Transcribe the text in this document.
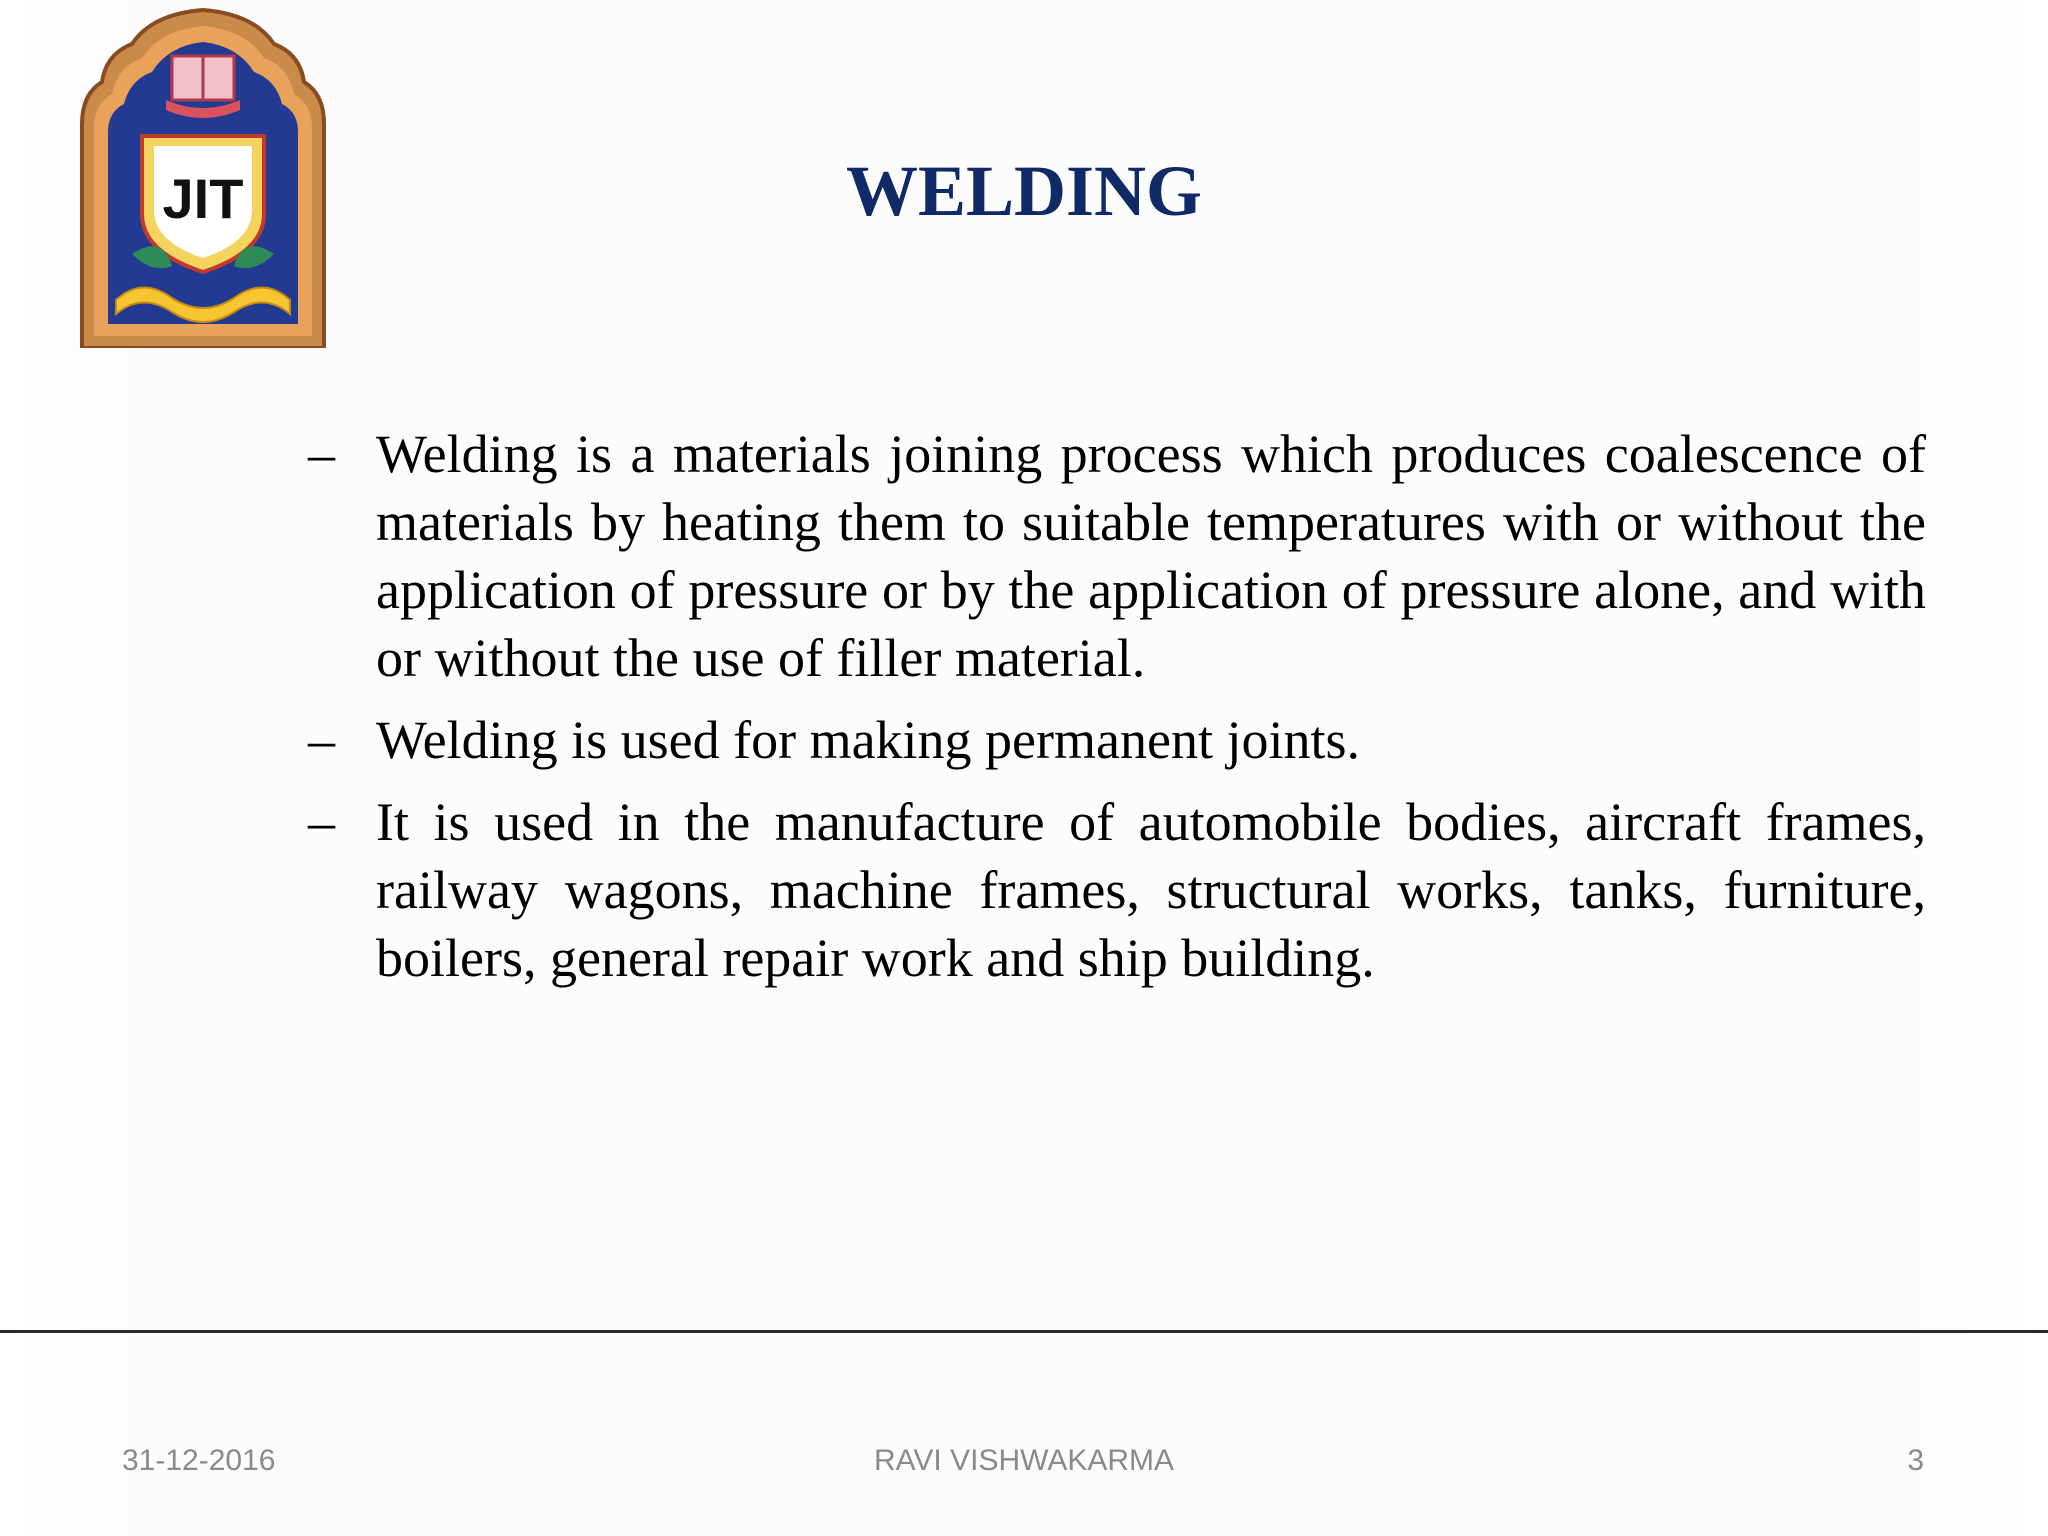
JIT	WELDING
– Welding is a materials joining process which produces coalescence of materials by heating them to suitable temperatures with or without the application of pressure or by the application of pressure alone, and with or without the use of filler material.

– Welding is used for making permanent joints.

– It is used in the manufacture of automobile bodies, aircraft frames, railway wagons, machine frames, structural works, tanks, furniture, boilers, general repair work and ship building.

31-12-2016	RAVI VISHWAKARMA	3
